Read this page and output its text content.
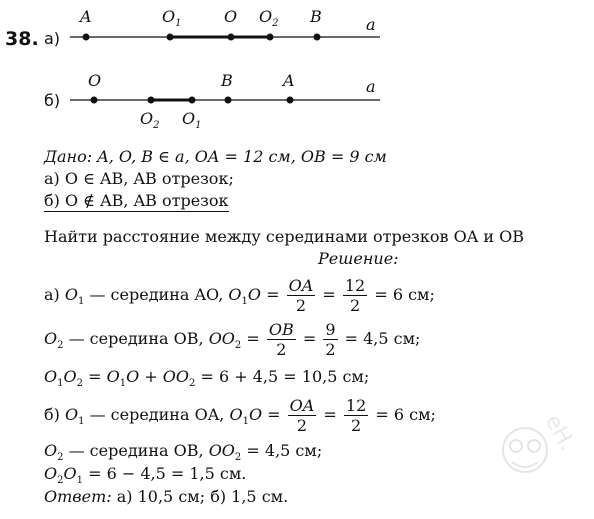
38. а)
A	$O_1$	O $O_2$ B	a
б)
O
$O_2$ $O_1$
B	A	a
Дано: A, O, B ∈ a, OA = 12 см, OB = 9 см
а) O ∈ AB, AB отрезок;
б) O ∉ AB, AB отрезок
Найти расстояние между серединами отрезков OA и OB
Решение:
а) $O_1$ — середина AO, $O_1O = \frac{OA}{2} = \frac{12}{2} = 6$ см;
$O_2$ — середина OB, $OO_2 = \frac{OB}{2} = \frac{9}{2} = 4,5$ см;
$O_1O_2 = O_1O + OO_2 = 6 + 4,5 = 10,5$ см;
б) $O_1$ — середина OA, $O_1O = \frac{OA}{2} = \frac{12}{2} = 6$ см;
$O_2$ — середина OB, $OO_2 = 4,5$ см;
$O_2O_1 = 6 - 4,5 = 1,5$ см.
Ответ: а) 10,5 см; б) 1,5 см.
eH.
